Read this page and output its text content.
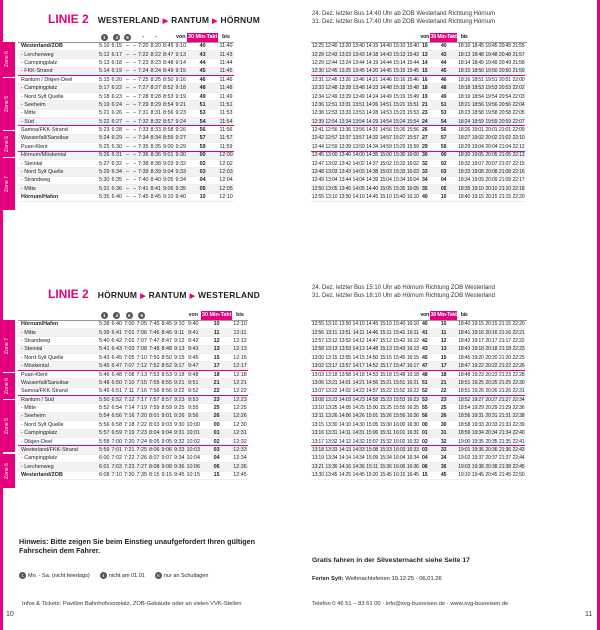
LINIE 2 WESTERLAND ▶ RANTUM ▶ HÖRNUM
24. Dez. letzter Bus 14:40 Uhr ab ZOB Westerland Richtung Hörnum
31. Dez. letzter Bus 17:40 Uhr ab ZOB Westerland Richtung Hörnum
	1	4	6		-	-		von	30 Min-Takt	bis
Westerland/ZOB	5:10	6:15	–	–	7:20	8:20	8:45	9:10	40	11:40
- Lerchenweg	5:12	6:17	–	–	7:22	8:22	8:47	9:13	43	11:43
- Campingplatz	5:13	6:18	–	–	7:23	8:23	8:48	9:14	44	11:44
- FKK-Strand	5:14	6:19	–	–	7:24	8:24	8:49	9:15	45	11:45
Rantum / Dikjen-Deel	5:15	6:20	–	–	7:25	8:25	8:50	9:16	46	11:46
- Campingplatz	5:17	6:22	–	–	7:27	8:27	8:52	9:18	48	11:48
- Nord Sylt Quelle	5:18	6:23	–	–	7:28	8:28	8:53	9:19	49	11:49
- Seeheim	5:19	6:24	–	–	7:29	8:29	8:54	9:21	51	11:51
- Mitte	5:21	6:26	–	–	7:31	8:31	8:56	9:23	53	11:53
- Süd	5:22	6:27	–	–	7:32	8:32	8:57	9:24	54	11:54
Samoa/FKK-Strand	5:23	6:28	–	–	7:33	8:33	8:58	9:26	56	11:56
Wasserfall/Sansibar	5:24	6:29	–	–	7:34	8:34	8:59	9:27	57	11:57
Puan-Klent	5:25	6:30	–	–	7:35	8:35	9:00	9:29	59	11:59
Hörnum/Möskental	5:26	6:31	–	–	7:36	8:36	9:01	9:30	00	12:00
- Steintal	5:27	6:32	–	–	7:38	8:38	9:03	9:32	02	12:02
- Nord Sylt Quelle	5:29	6:34	–	–	7:39	8:39	9:04	9:33	03	12:03
- Strandweg	5:30	6:35	–	–	7:40	8:40	9:05	9:34	04	12:04
- Mitte	5:31	6:36	–	–	7:41	8:41	9:06	9:35	05	12:05
Hörnum/Hafen	5:35	6:40	–	–	7:45	8:45	9:10	9:40	10	12:10
								von	30 Min-Takt	bis					
12:25	12:40	13:20	13:40	14:15	14:40	15:10	15:40	10	40	18:10	18:45	19:45	20:45	21:55	
12:28	12:43	13:23	13:43	14:18	14:43	15:13	15:43	13	43	18:13	18:48	19:48	20:48	21:57	
12:29	12:44	13:24	13:44	14:19	14:44	15:14	15:44	14	44	18:14	18:49	19:49	20:49	21:58	
12:30	12:45	13:25	13:45	14:20	14:45	15:15	15:45	15	45	18:15	18:50	19:50	20:50	21:59	
12:31	12:46	13:26	13:46	14:21	14:46	15:16	15:46	16	46	18:16	18:51	19:51	20:51	22:00	
12:33	12:48	13:28	13:48	14:23	14:48	15:18	15:48	18	48	18:18	18:53	19:53	20:53	22:02	
12:34	12:49	13:29	13:49	14:24	14:49	15:19	15:49	19	49	18:19	18:54	19:54	20:54	22:03	
12:36	12:51	13:31	13:51	14:26	14:51	15:21	15:51	21	51	18:21	18:56	19:56	20:56	22:04	
12:38	12:53	13:33	13:53	14:28	14:53	15:23	15:53	23	53	18:23	18:58	19:58	20:58	22:05	
12:39	12:54	13:34	13:54	14:29	14:54	15:24	15:54	24	54	18:24	18:59	19:59	20:59	22:07	
12:41	12:56	13:36	13:56	14:31	14:56	15:26	15:56	26	56	18:26	19:01	20:01	21:01	22:09	
12:42	12:57	13:37	13:57	14:32	14:57	15:27	15:57	27	57	18:27	19:02	20:02	21:02	22:10	
12:44	12:59	13:39	13:59	14:34	14:59	15:29	15:59	29	59	18:29	19:04	20:04	21:04	22:12	
12:45	13:00	13:40	14:00	14:35	15:00	15:30	16:00	30	00	18:30	19:05	20:05	21:05	22:13	
12:47	13:02	13:42	14:02	14:37	15:02	15:32	16:02	32	02	18:32	19:07	20:07	21:07	22:15	
12:48	13:03	13:43	14:03	14:38	15:03	15:33	16:03	33	03	18:33	19:08	20:08	21:08	22:16	
12:49	13:04	13:44	14:04	14:39	15:04	15:34	16:04	34	04	18:34	19:09	20:09	21:09	22:17	
12:50	13:05	13:45	14:05	14:40	15:05	15:35	16:05	35	05	18:35	19:10	20:10	21:10	22:18	
12:55	13:10	13:50	14:10	14:45	15:10	15:40	16:10	40	10	18:40	19:15	20:15	21:15	22:20	
Zone 6
Zone 5
Zone 6
Zone 7
LINIE 2 HÖRNUM ▶ RANTUM ▶ WESTERLAND
24. Dez. letzter Bus 15:10 Uhr ab Hörnum Richtung ZOB Westerland
31. Dez. letzter Bus 18:10 Uhr ab Hörnum Richtung ZOB Westerland
	1	4	6	6				von	30 Min-Takt	bis
Hörnum/Hafen	5:38	6:40	7:00	7:05	7:45	8:45	9:10	9:40	10	12:10
- Mitte	5:39	6:41	7:01	7:06	7:46	8:46	9:11	9:41	11	12:11
- Strandweg	5:40	6:42	7:02	7:07	7:47	8:47	9:12	9:42	12	12:12
- Steintal	5:41	6:43	7:03	7:08	7:48	8:48	9:13	9:43	13	12:13
- Nord Sylt Quelle	5:43	6:45	7:05	7:10	7:50	8:50	9:15	9:45	15	12:15
- Möskental	5:45	6:47	7:07	7:12	7:52	8:52	9:17	9:47	17	12:17
Puan-Klent	5:46	6:48	7:08	7:13	7:53	8:53	9:18	9:48	18	12:18
Wasserfall/Sansibar	5:48	6:50	7:10	7:15	7:55	8:55	9:21	9:51	21	12:21
Samoa/FKK-Strand	5:49	6:51	7:11	7:16	7:56	8:56	9:22	9:52	22	12:22
Rantum / Süd	5:50	6:52	7:12	7:17	7:57	8:57	9:23	9:53	23	12:23
- Mitte	5:52	6:54	7:14	7:19	7:59	8:59	9:25	9:55	25	12:25
- Seeheim	5:54	6:56	7:16	7:20	8:01	9:01	9:26	9:56	26	12:26
- Nord Sylt Quelle	5:56	6:58	7:18	7:22	8:03	9:03	9:30	10:00	00	12:30
- Campingplatz	5:57	6:59	7:19	7:23	8:04	9:04	9:31	10:01	01	12:31
- Dikjen-Deel	5:58	7:00	7:20	7:24	8:05	9:05	9:32	10:02	02	12:32
Westerland/FKK-Strand	5:59	7:01	7:21	7:25	8:06	9:06	9:33	10:03	03	12:33
- Campingplatz	6:00	7:02	7:22	7:26	8:07	9:07	9:34	10:04	04	12:34
- Lerchenweg	6:01	7:03	7:23	7:27	8:08	9:08	9:36	10:06	06	12:36
Westerland/ZOB	6:08	7:10	7:30	7:35	8:15	9:15	9:45	10:15	15	12:45
								von	30 Min-Takt	bis					
12:55	13:10	13:50	14:10	14:45	15:10	15:40	16:10	40	10	18:40	19:15	20:15	21:15	22:20	
12:56	13:11	13:51	14:11	14:46	15:11	15:41	16:11	41	11	18:41	19:16	20:16	21:16	22:21	
12:57	13:12	13:52	14:12	14:47	15:12	15:42	16:12	42	12	18:42	19:17	20:17	21:17	22:22	
12:58	13:13	13:53	14:13	14:48	15:13	15:43	16:13	43	13	18:43	19:18	20:18	21:18	22:23	
13:00	13:15	13:55	14:15	14:50	15:15	15:45	16:15	45	15	18:45	19:20	20:20	21:20	22:25	
13:02	13:17	13:57	14:17	14:52	15:17	15:47	16:17	47	17	18:47	19:22	20:22	21:22	22:26	
13:03	13:18	13:58	14:18	14:53	15:18	15:48	16:18	48	18	18:48	19:23	20:23	21:23	22:28	
13:06	13:21	14:01	14:21	14:56	15:21	15:51	16:21	51	21	18:51	19:25	20:25	21:25	22:30	
13:07	13:22	14:02	14:22	14:57	15:22	15:52	16:22	52	22	18:51	19:26	20:26	21:26	22:31	
13:08	13:23	14:03	14:23	14:58	15:23	15:53	16:23	53	23	18:52	19:27	20:27	21:27	22:34	
13:10	13:25	14:05	14:25	15:00	15:25	15:55	16:25	55	25	18:54	19:29	20:29	21:29	22:36	
13:11	13:26	14:06	14:26	15:01	15:26	15:56	16:26	56	26	18:56	19:31	20:31	21:31	22:38	
13:15	13:30	14:10	14:30	15:05	15:30	16:00	16:30	00	30	18:58	19:33	20:33	21:33	22:39	
13:16	13:31	14:11	14:31	15:06	15:31	16:01	16:31	01	31	18:59	19:34	20:34	21:34	22:40	
13:17	13:32	14:12	14:32	15:07	15:32	16:02	16:32	02	32	19:00	19:35	20:35	21:35	22:41	
13:18	13:33	14:13	14:33	15:08	15:33	16:03	16:33	03	33	19:01	19:36	20:36	21:36	22:43	
13:19	13:34	14:14	14:34	15:09	15:34	16:04	16:34	04	34	19:02	19:37	20:37	21:37	22:44	
13:21	13:36	14:16	14:36	15:11	15:36	16:06	16:36	06	36	19:03	19:38	20:38	21:38	22:45	
13:30	13:45	14:25	14:45	15:20	15:45	16:15	16:45	15	45	19:10	19:45	20:45	21:45	22:50	
Zone 7
Zone 6
Zone 5
Zone 6
Hinweis: Bitte zeigen Sie beim Einstieg unaufgefordert Ihren gültigen Fahrschein dem Fahrer.
1 Mo. - Sa. (nicht feiertags)	4 nicht am 01.01	6 nur an Schultagen
Gratis fahren in der Silvesternacht siehe Seite 17
Ferien Sylt: Weihnachtsferien 19.12.25 - 06.01.26
Infos & Tickets: Pavillon Bahnhofsvorplatz, ZOB-Gebäude oder an vielen VVK-Stellen	Telefon 0 46 51 – 83 61 00 · info@svg-busreisen.de · www.svg-busreisen.de
10	11
